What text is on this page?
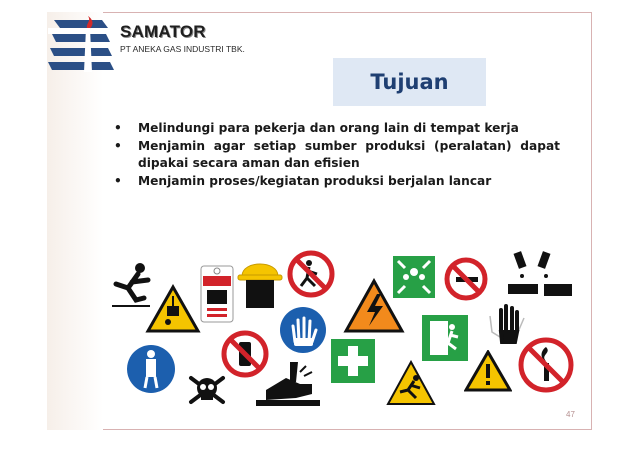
SAMATOR
PT ANEKA GAS INDUSTRI TBK.
Tujuan
• Melindungi para pekerja dan orang lain di tempat kerja
• Menjamin agar setiap sumber produksi (peralatan) dapat dipakai secara aman dan efisien
• Menjamin proses/kegiatan produksi berjalan lancar
47
